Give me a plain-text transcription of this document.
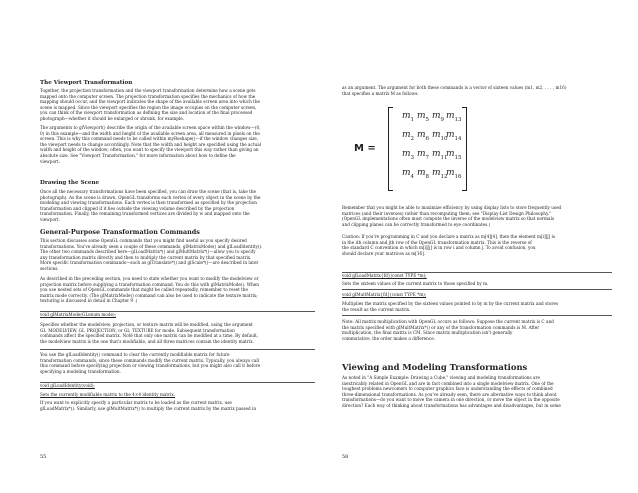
The Viewport Transformation
Together, the projection transformation and the viewport transformation determine how a scene gets
mapped onto the computer screen. The projection transformation specifies the mechanics of how the
mapping should occur, and the viewport indicates the shape of the available screen area into which the
scene is mapped. Since the viewport specifies the region the image occupies on the computer screen,
you can think of the viewport transformation as defining the size and location of the final processed
photograph—whether it should be enlarged or shrunk, for example.
The arguments to glViewport() describe the origin of the available screen space within the window—(0,
0) in this example—and the width and height of the available screen area, all measured in pixels on the
screen. This is why this command needs to be called within myReshape()—if the window changes size,
the viewport needs to change accordingly. Note that the width and height are specified using the actual
width and height of the window; often, you want to specify the viewport this way rather than giving an
absolute size. See "Viewport Transformation," for more information about how to define the
viewport.
Drawing the Scene
Once all the necessary transformations have been specified, you can draw the scene (that is, take the
photograph). As the scene is drawn, OpenGL transforms each vertex of every object in the scene by the
modeling and viewing transformations. Each vertex is then transformed as specified by the projection
transformation and clipped if it lies outside the viewing volume described by the projection
transformation. Finally, the remaining transformed vertices are divided by w and mapped onto the
viewport.
General-Purpose Transformation Commands
This section discusses some OpenGL commands that you might find useful as you specify desired
transformations. You've already seen a couple of these commands, glMatrixMode() and glLoadIdentity().
The other two commands described here—glLoadMatrix*() and glMultMatrix*()—allow you to specify
any transformation matrix directly and then to multiply the current matrix by that specified matrix.
More specific transformation commands—such as glTranslate*() and glScale*()—are described in later
sections.
As described in the preceding section, you need to state whether you want to modify the modelview or
projection matrix before supplying a transformation command. You do this with glMatrixMode(). When
you use nested sets of OpenGL commands that might be called repeatedly, remember to reset the
matrix mode correctly. (The glMatrixMode() command can also be used to indicate the texture matrix;
texturing is discussed in detail in Chapter 9 .)
void glMatrixMode(GLenum mode);
Specifies whether the modelview, projection, or texture matrix will be modified, using the argument
GL_MODELVIEW, GL_PROJECTION, or GL_TEXTURE for mode. Subsequent transformation
commands affect the specified matrix. Note that only one matrix can be modified at a time. By default,
the modelview matrix is the one that's modifiable, and all three matrices contain the identity matrix.
You use the glLoadIdentity() command to clear the currently modifiable matrix for future
transformation commands, since these commands modify the current matrix. Typically, you always call
this command before specifying projection or viewing transformations, but you might also call it before
specifying a modeling transformation.
void glLoadIdentity(void);
Sets the currently modifiable matrix to the 4×4 identity matrix.
If you want to explicitly specify a particular matrix to be loaded as the current matrix, use
glLoadMatrix*(). Similarly, use glMultMatrix*() to multiply the current matrix by the matrix passed in
55
as an argument. The argument for both these commands is a vector of sixteen values (m1, m2, . . . , m16)
that specifies a matrix M as follows:
M =
$m_1$ $m_5$ $m_9$ $m_{13}$
$m_2$ $m_6$ $m_{10}$
$m_{14}$
$m_3$ $m_7$ $m_{11}$
$m_{15}$
$m_4$ $m_8$ $m_{12}$
$m_{16}$
Remember that you might be able to maximize efficiency by using display lists to store frequently used
matrices (and their inverses) rather than recomputing them; see "Display-List Design Philosophy."
(OpenGL implementations often must compute the inverse of the modelview matrix so that normals
and clipping planes can be correctly transformed to eye coordinates.)
Caution: If you're programming in C and you declare a matrix as m[4][4], then the element m[i][j] is
in the ith column and jth row of the OpenGL transformation matrix. This is the reverse of
the standard C convention in which m[i][j] is in row i and column j. To avoid confusion, you
should declare your matrices as m[16].
void glLoadMatrix{fd}(const TYPE *m);
Sets the sixteen values of the current matrix to those specified by m.
void glMultMatrix{fd}(const TYPE *m);
Multiplies the matrix specified by the sixteen values pointed to by m by the current matrix and stores
the result as the current matrix.
Note: All matrix multiplication with OpenGL occurs as follows: Suppose the current matrix is C and
the matrix specified with glMultMatrix*() or any of the transformation commands is M. After
multiplication, the final matrix is CM. Since matrix multiplication isn't generally
commutative, the order makes a difference.
Viewing and Modeling Transformations
As noted in "A Simple Example: Drawing a Cube," viewing and modeling transformations are
inextricably related in OpenGL and are in fact combined into a single modelview matrix. One of the
toughest problems newcomers to computer graphics face is understanding the effects of combined
three-dimensional transformations. As you've already seen, there are alternative ways to think about
transformations—do you want to move the camera in one direction, or move the object in the opposite
direction? Each way of thinking about transformations has advantages and disadvantages, but in some
58
